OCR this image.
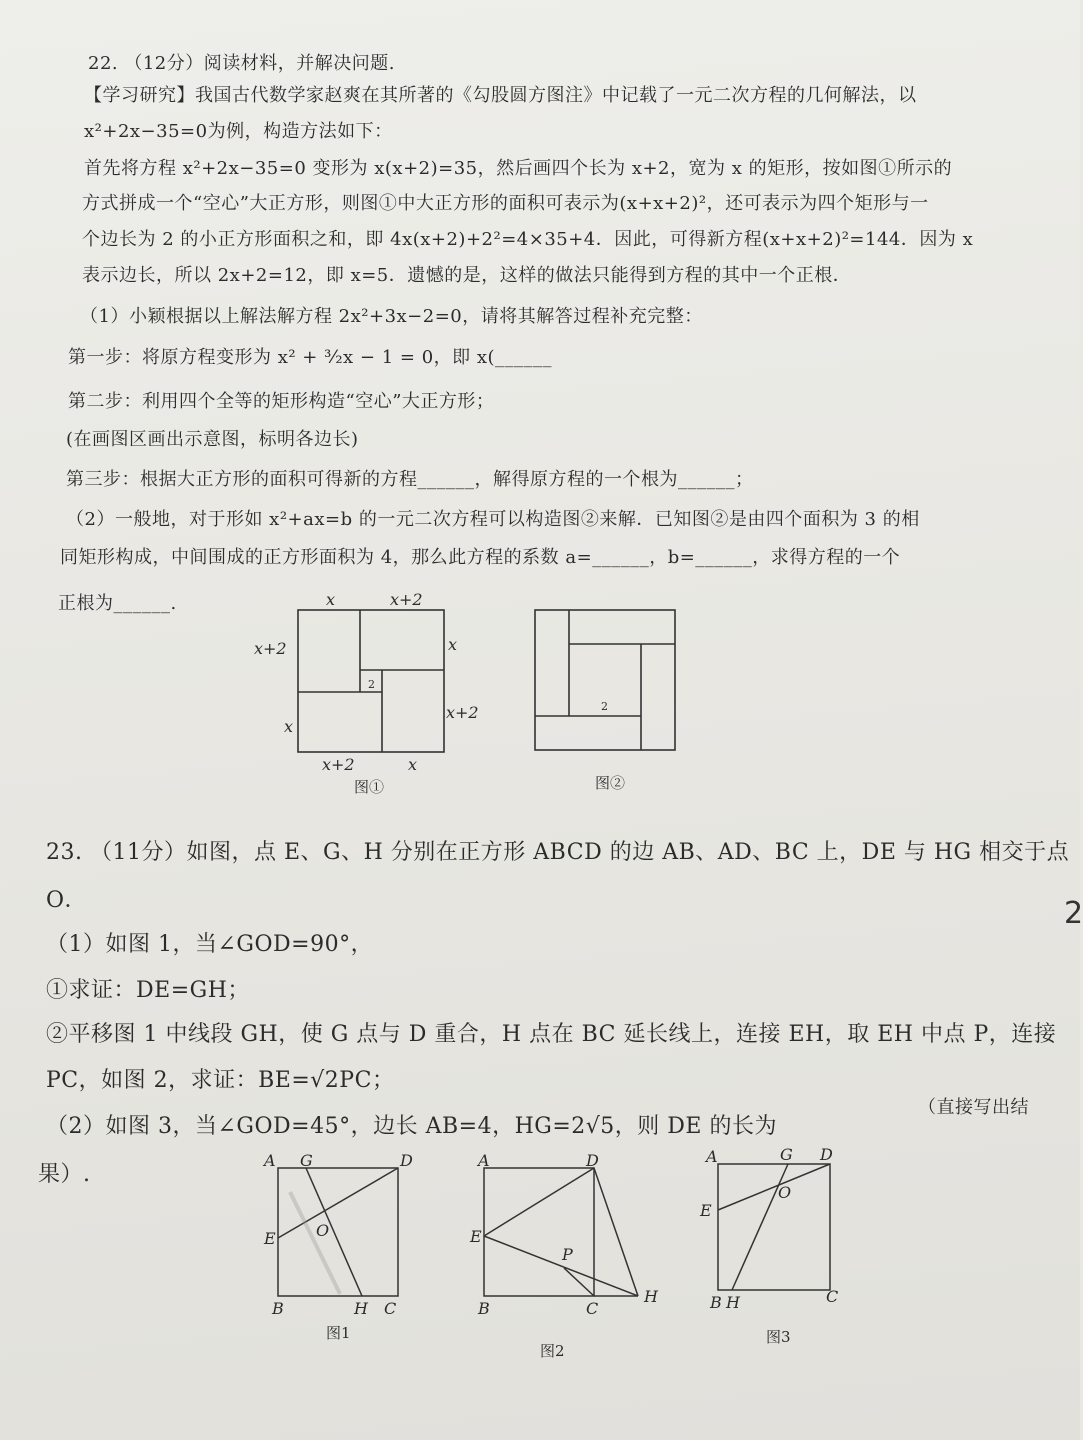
22. （12分）阅读材料，并解决问题.
【学习研究】我国古代数学家赵爽在其所著的《勾股圆方图注》中记载了一元二次方程的几何解法，以
x²+2x−35=0为例，构造方法如下：
首先将方程 x²+2x−35=0 变形为 x(x+2)=35，然后画四个长为 x+2，宽为 x 的矩形，按如图①所示的
方式拼成一个“空心”大正方形，则图①中大正方形的面积可表示为(x+x+2)²，还可表示为四个矩形与一
个边长为 2 的小正方形面积之和，即 4x(x+2)+2²=4×35+4．因此，可得新方程(x+x+2)²=144．因为 x
表示边长，所以 2x+2=12，即 x=5．遗憾的是，这样的做法只能得到方程的其中一个正根．
（1）小颖根据以上解法解方程 2x²+3x−2=0，请将其解答过程补充完整：
第一步：将原方程变形为 x² + ³⁄₂x − 1 = 0，即 x(______
第二步：利用四个全等的矩形构造“空心”大正方形；
(在画图区画出示意图，标明各边长)
第三步：根据大正方形的面积可得新的方程______，解得原方程的一个根为______；
（2）一般地，对于形如 x²+ax=b 的一元二次方程可以构造图②来解．已知图②是由四个面积为 3 的相
同矩形构成，中间围成的正方形面积为 4，那么此方程的系数 a=______，b=______，求得方程的一个
正根为______.	x	x+2
x+2	x
x+2
x
x+2	x
2
图①
2
图②
23. （11分）如图，点 E、G、H 分别在正方形 ABCD 的边 AB、AD、BC 上，DE 与 HG 相交于点
O．
（1）如图 1，当∠GOD=90°，
①求证：DE=GH；
②平移图 1 中线段 GH，使 G 点与 D 重合，H 点在 BC 延长线上，连接 EH，取 EH 中点 P，连接
PC，如图 2，求证：BE=√2PC；
（2）如图 3，当∠GOD=45°，边长 AB=4，HG=2√5，则 DE 的长为
（直接写出结
果）.
2
A G	D
E	O
B	H C
图1
A	D
E
P
B	C
H
图2
A	G D
E
O
B H	C
图3
